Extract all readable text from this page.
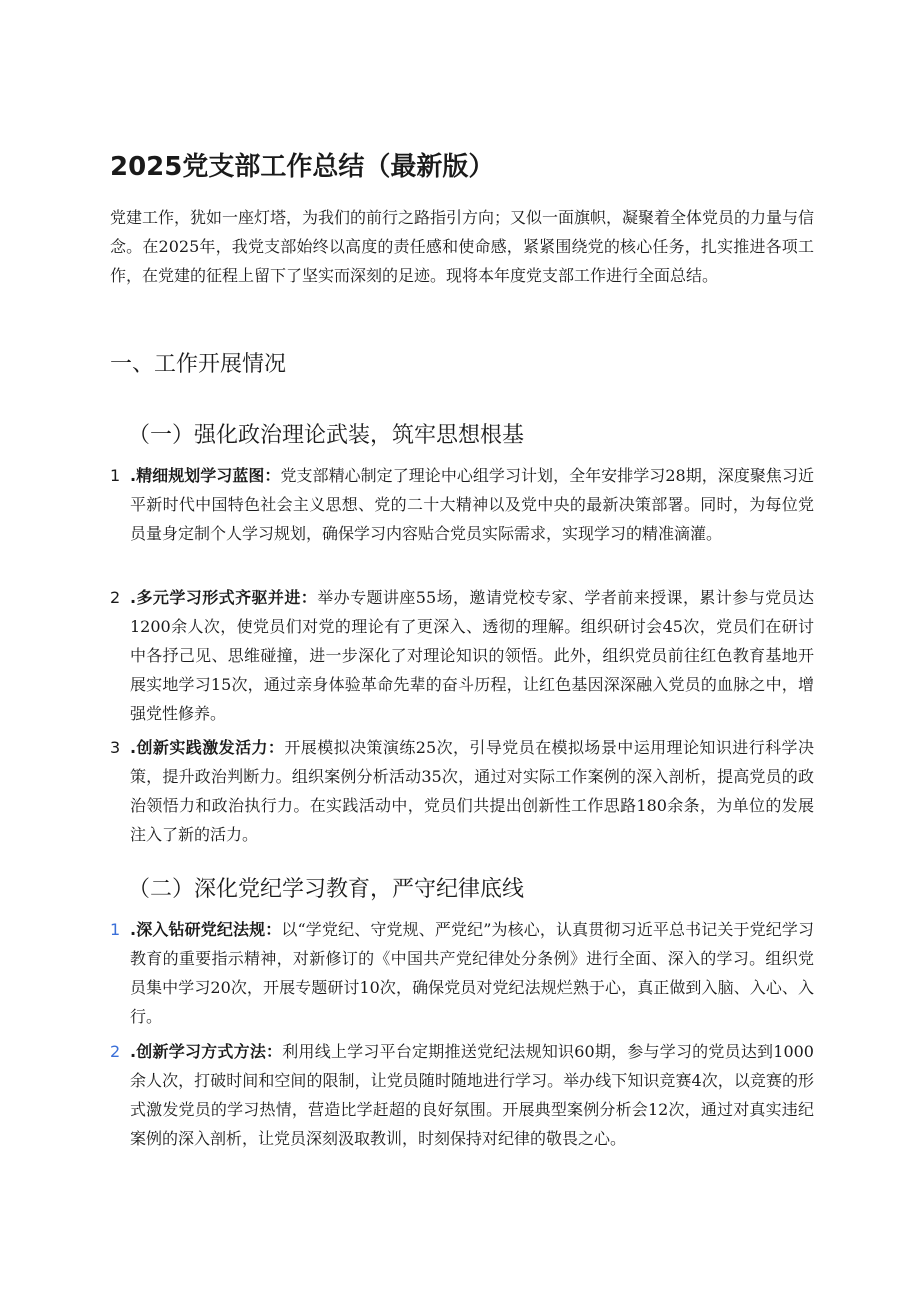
2025党支部工作总结（最新版）

党建工作，犹如一座灯塔，为我们的前行之路指引方向；又似一面旗帜，凝聚着全体党员的力量与信念。在2025年，我党支部始终以高度的责任感和使命感，紧紧围绕党的核心任务，扎实推进各项工作，在党建的征程上留下了坚实而深刻的足迹。现将本年度党支部工作进行全面总结。

一、工作开展情况
（一）强化政治理论武装，筑牢思想根基
1 .精细规划学习蓝图：党支部精心制定了理论中心组学习计划，全年安排学习28期，深度聚焦习近平新时代中国特色社会主义思想、党的二十大精神以及党中央的最新决策部署。同时，为每位党员量身定制个人学习规划，确保学习内容贴合党员实际需求，实现学习的精准滴灌。
2 .多元学习形式齐驱并进：举办专题讲座55场，邀请党校专家、学者前来授课，累计参与党员达1200余人次，使党员们对党的理论有了更深入、透彻的理解。组织研讨会45次，党员们在研讨中各抒己见、思维碰撞，进一步深化了对理论知识的领悟。此外，组织党员前往红色教育基地开展实地学习15次，通过亲身体验革命先辈的奋斗历程，让红色基因深深融入党员的血脉之中，增强党性修养。
3 .创新实践激发活力：开展模拟决策演练25次，引导党员在模拟场景中运用理论知识进行科学决策，提升政治判断力。组织案例分析活动35次，通过对实际工作案例的深入剖析，提高党员的政治领悟力和政治执行力。在实践活动中，党员们共提出创新性工作思路180余条，为单位的发展注入了新的活力。
（二）深化党纪学习教育，严守纪律底线
1 .深入钻研党纪法规：以“学党纪、守党规、严党纪”为核心，认真贯彻习近平总书记关于党纪学习教育的重要指示精神，对新修订的《中国共产党纪律处分条例》进行全面、深入的学习。组织党员集中学习20次，开展专题研讨10次，确保党员对党纪法规烂熟于心，真正做到入脑、入心、入行。
2 .创新学习方式方法：利用线上学习平台定期推送党纪法规知识60期，参与学习的党员达到1000余人次，打破时间和空间的限制，让党员随时随地进行学习。举办线下知识竞赛4次，以竞赛的形式激发党员的学习热情，营造比学赶超的良好氛围。开展典型案例分析会12次，通过对真实违纪案例的深入剖析，让党员深刻汲取教训，时刻保持对纪律的敬畏之心。
